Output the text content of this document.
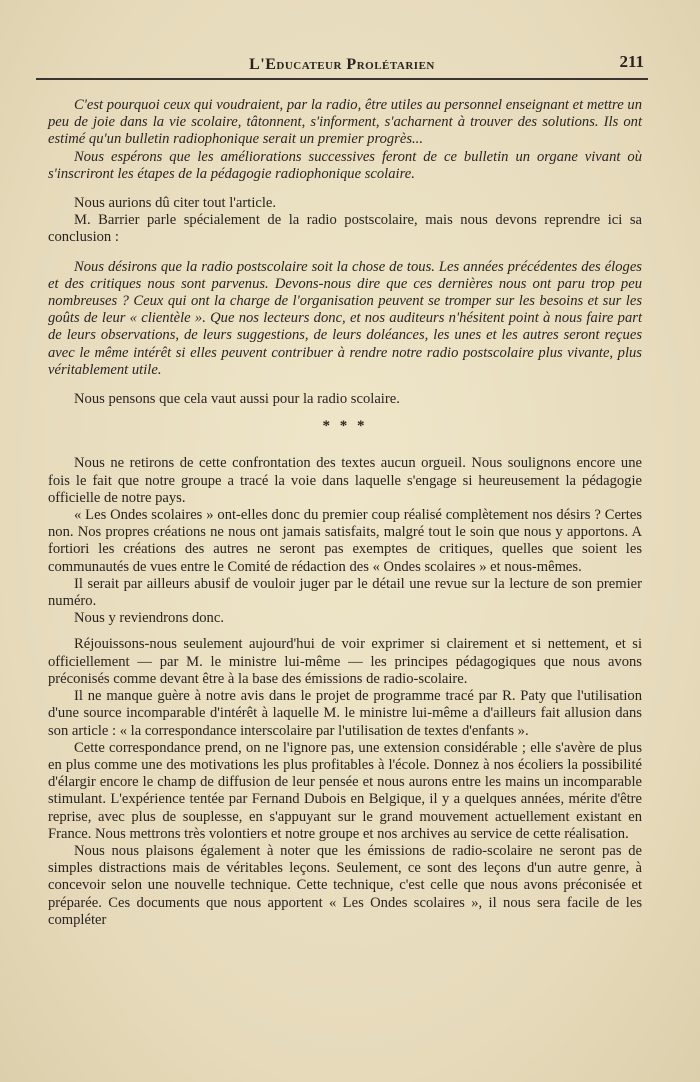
L'Educateur Prolétarien	211

C'est pourquoi ceux qui voudraient, par la radio, être utiles au personnel enseignant et mettre un peu de joie dans la vie scolaire, tâtonnent, s'informent, s'acharnent à trouver des solutions. Ils ont estimé qu'un bulletin radiophonique serait un premier progrès...

Nous espérons que les améliorations successives feront de ce bulletin un organe vivant où s'inscriront les étapes de la pédagogie radiophonique scolaire.

Nous aurions dû citer tout l'article.

M. Barrier parle spécialement de la radio postscolaire, mais nous devons reprendre ici sa conclusion :

Nous désirons que la radio postscolaire soit la chose de tous. Les années précédentes des éloges et des critiques nous sont parvenus. Devons-nous dire que ces dernières nous ont paru trop peu nombreuses ? Ceux qui ont la charge de l'organisation peuvent se tromper sur les besoins et sur les goûts de leur « clientèle ». Que nos lecteurs donc, et nos auditeurs n'hésitent point à nous faire part de leurs observations, de leurs suggestions, de leurs doléances, les unes et les autres seront reçues avec le même intérêt si elles peuvent contribuer à rendre notre radio postscolaire plus vivante, plus véritablement utile.

Nous pensons que cela vaut aussi pour la radio scolaire.

* * *

Nous ne retirons de cette confrontation des textes aucun orgueil. Nous soulignons encore une fois le fait que notre groupe a tracé la voie dans laquelle s'engage si heureusement la pédagogie officielle de notre pays.

« Les Ondes scolaires » ont-elles donc du premier coup réalisé complètement nos désirs ? Certes non. Nos propres créations ne nous ont jamais satisfaits, malgré tout le soin que nous y apportons. A fortiori les créations des autres ne seront pas exemptes de critiques, quelles que soient les communautés de vues entre le Comité de rédaction des « Ondes scolaires » et nous-mêmes.

Il serait par ailleurs abusif de vouloir juger par le détail une revue sur la lecture de son premier numéro.

Nous y reviendrons donc.

Réjouissons-nous seulement aujourd'hui de voir exprimer si clairement et si nettement, et si officiellement — par M. le ministre lui-même — les principes pédagogiques que nous avons préconisés comme devant être à la base des émissions de radio-scolaire.

Il ne manque guère à notre avis dans le projet de programme tracé par R. Paty que l'utilisation d'une source incomparable d'intérêt à laquelle M. le ministre lui-même a d'ailleurs fait allusion dans son article : « la correspondance interscolaire par l'utilisation de textes d'enfants ».

Cette correspondance prend, on ne l'ignore pas, une extension considérable ; elle s'avère de plus en plus comme une des motivations les plus profitables à l'école. Donnez à nos écoliers la possibilité d'élargir encore le champ de diffusion de leur pensée et nous aurons entre les mains un incomparable stimulant. L'expérience tentée par Fernand Dubois en Belgique, il y a quelques années, mérite d'être reprise, avec plus de souplesse, en s'appuyant sur le grand mouvement actuellement existant en France. Nous mettrons très volontiers et notre groupe et nos archives au service de cette réalisation.

Nous nous plaisons également à noter que les émissions de radio-scolaire ne seront pas de simples distractions mais de véritables leçons. Seulement, ce sont des leçons d'un autre genre, à concevoir selon une nouvelle technique. Cette technique, c'est celle que nous avons préconisée et préparée. Ces documents que nous apportent « Les Ondes scolaires », il nous sera facile de les compléter
